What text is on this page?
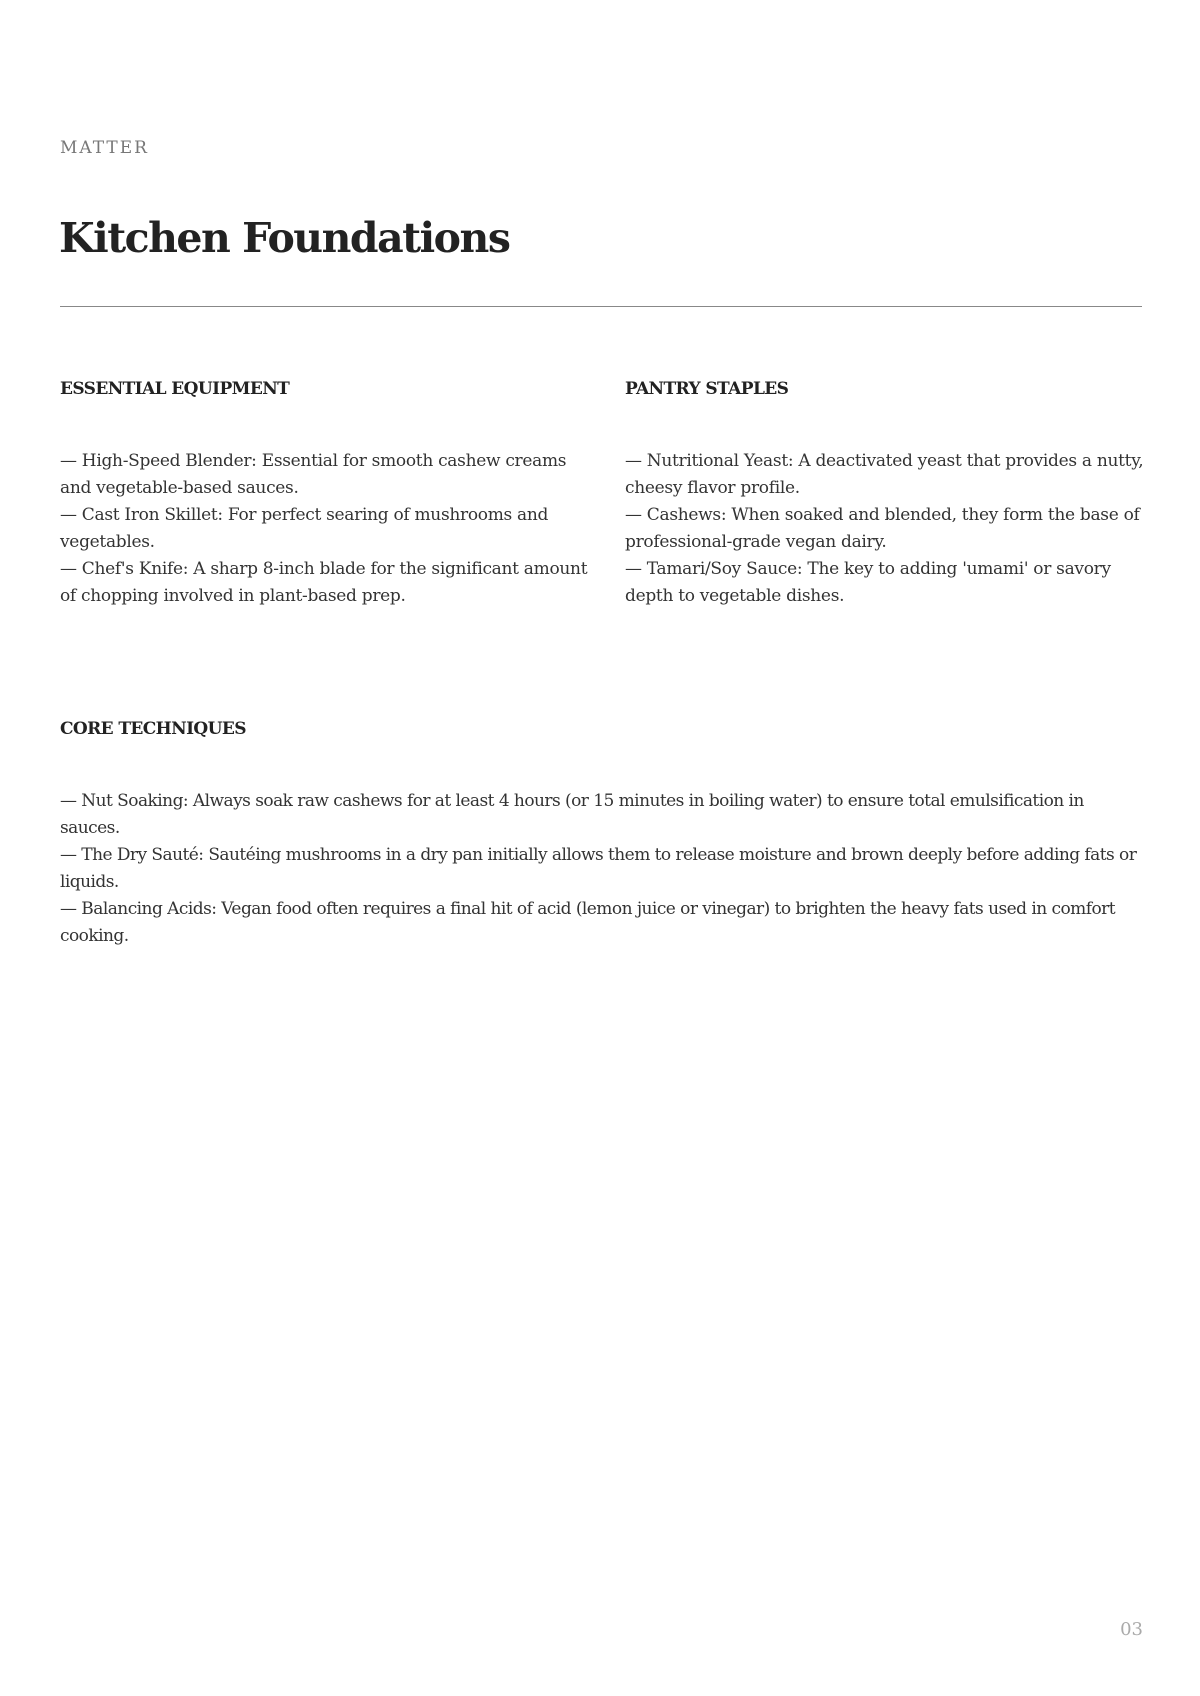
MATTER
Kitchen Foundations
ESSENTIAL EQUIPMENT
— High-Speed Blender: Essential for smooth cashew creams and vegetable-based sauces.
— Cast Iron Skillet: For perfect searing of mushrooms and vegetables.
— Chef's Knife: A sharp 8-inch blade for the significant amount of chopping involved in plant-based prep.
PANTRY STAPLES
— Nutritional Yeast: A deactivated yeast that provides a nutty, cheesy flavor profile.
— Cashews: When soaked and blended, they form the base of professional-grade vegan dairy.
— Tamari/Soy Sauce: The key to adding 'umami' or savory depth to vegetable dishes.
CORE TECHNIQUES
— Nut Soaking: Always soak raw cashews for at least 4 hours (or 15 minutes in boiling water) to ensure total emulsification in sauces.
— The Dry Sauté: Sautéing mushrooms in a dry pan initially allows them to release moisture and brown deeply before adding fats or liquids.
— Balancing Acids: Vegan food often requires a final hit of acid (lemon juice or vinegar) to brighten the heavy fats used in comfort cooking.
03
